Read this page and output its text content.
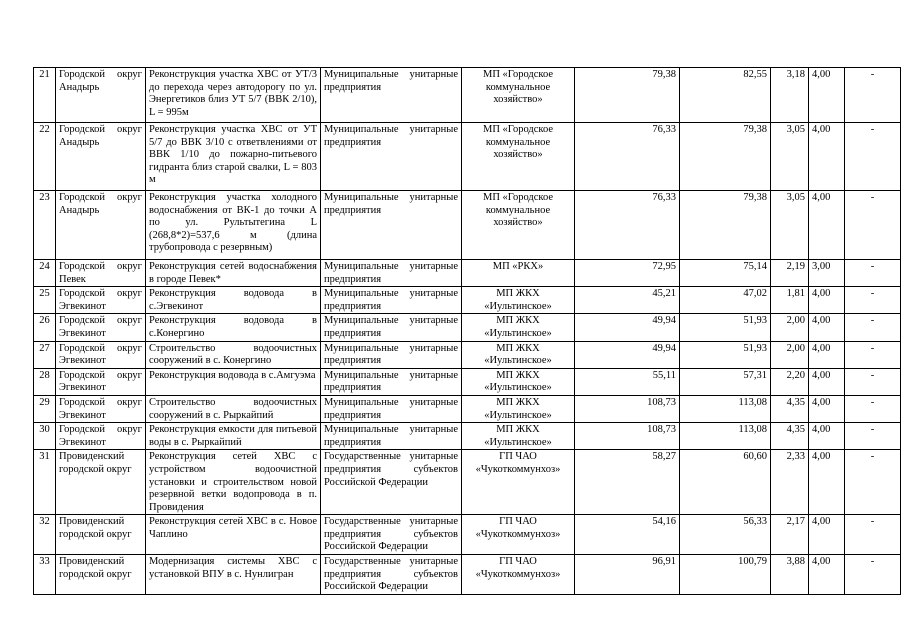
21	Городской округ Анадырь	Реконструкция участка ХВС от УТ/3 до перехода через автодорогу по ул. Энергетиков близ УТ 5/7 (ВВК 2/10), L = 995м	Муниципальные унитарные предприятия	МП «Городское коммунальное хозяйство»	79,38	82,55	3,18	4,00	-
22	Городской округ Анадырь	Реконструкция участка ХВС от УТ 5/7 до ВВК 3/10 с ответвлениями от ВВК 1/10 до пожарно-питьевого гидранта близ старой свалки, L = 803 м	Муниципальные унитарные предприятия	МП «Городское коммунальное хозяйство»	76,33	79,38	3,05	4,00	-
23	Городской округ Анадырь	Реконструкция участка холодного водоснабжения от ВК-1 до точки А по ул. Рультытегина L (268,8*2)=537,6 м (длина трубопровода с резервным)	Муниципальные унитарные предприятия	МП «Городское коммунальное хозяйство»	76,33	79,38	3,05	4,00	-
24	Городской округ Певек	Реконструкция сетей водоснабжения в городе Певек*	Муниципальные унитарные предприятия	МП «РКХ»	72,95	75,14	2,19	3,00	-
25	Городской округ Эгвекинот	Реконструкция водовода в с.Эгвекинот	Муниципальные унитарные предприятия	МП ЖКХ «Иультинское»	45,21	47,02	1,81	4,00	-
26	Городской округ Эгвекинот	Реконструкция водовода в с.Конергино	Муниципальные унитарные предприятия	МП ЖКХ «Иультинское»	49,94	51,93	2,00	4,00	-
27	Городской округ Эгвекинот	Строительство водоочистных сооружений в с. Конергино	Муниципальные унитарные предприятия	МП ЖКХ «Иультинское»	49,94	51,93	2,00	4,00	-
28	Городской округ Эгвекинот	Реконструкция водовода в с.Амгуэма	Муниципальные унитарные предприятия	МП ЖКХ «Иультинское»	55,11	57,31	2,20	4,00	-
29	Городской округ Эгвекинот	Строительство водоочистных сооружений в с. Рыркайпий	Муниципальные унитарные предприятия	МП ЖКХ «Иультинское»	108,73	113,08	4,35	4,00	-
30	Городской округ Эгвекинот	Реконструкция емкости для питьевой воды в с. Рыркайпий	Муниципальные унитарные предприятия	МП ЖКХ «Иультинское»	108,73	113,08	4,35	4,00	-
31	Провиденский городской округ	Реконструкция сетей ХВС с устройством водоочистной установки и строительством новой резервной ветки водопровода в п. Провидения	Государственные унитарные предприятия субъектов Российской Федерации	ГП ЧАО «Чукоткоммунхоз»	58,27	60,60	2,33	4,00	-
32	Провиденский городской округ	Реконструкция сетей ХВС в с. Новое Чаплино	Государственные унитарные предприятия субъектов Российской Федерации	ГП ЧАО «Чукоткоммунхоз»	54,16	56,33	2,17	4,00	-
33	Провиденский городской округ	Модернизация системы ХВС с установкой ВПУ в с. Нунлигран	Государственные унитарные предприятия субъектов Российской Федерации	ГП ЧАО «Чукоткоммунхоз»	96,91	100,79	3,88	4,00	-
